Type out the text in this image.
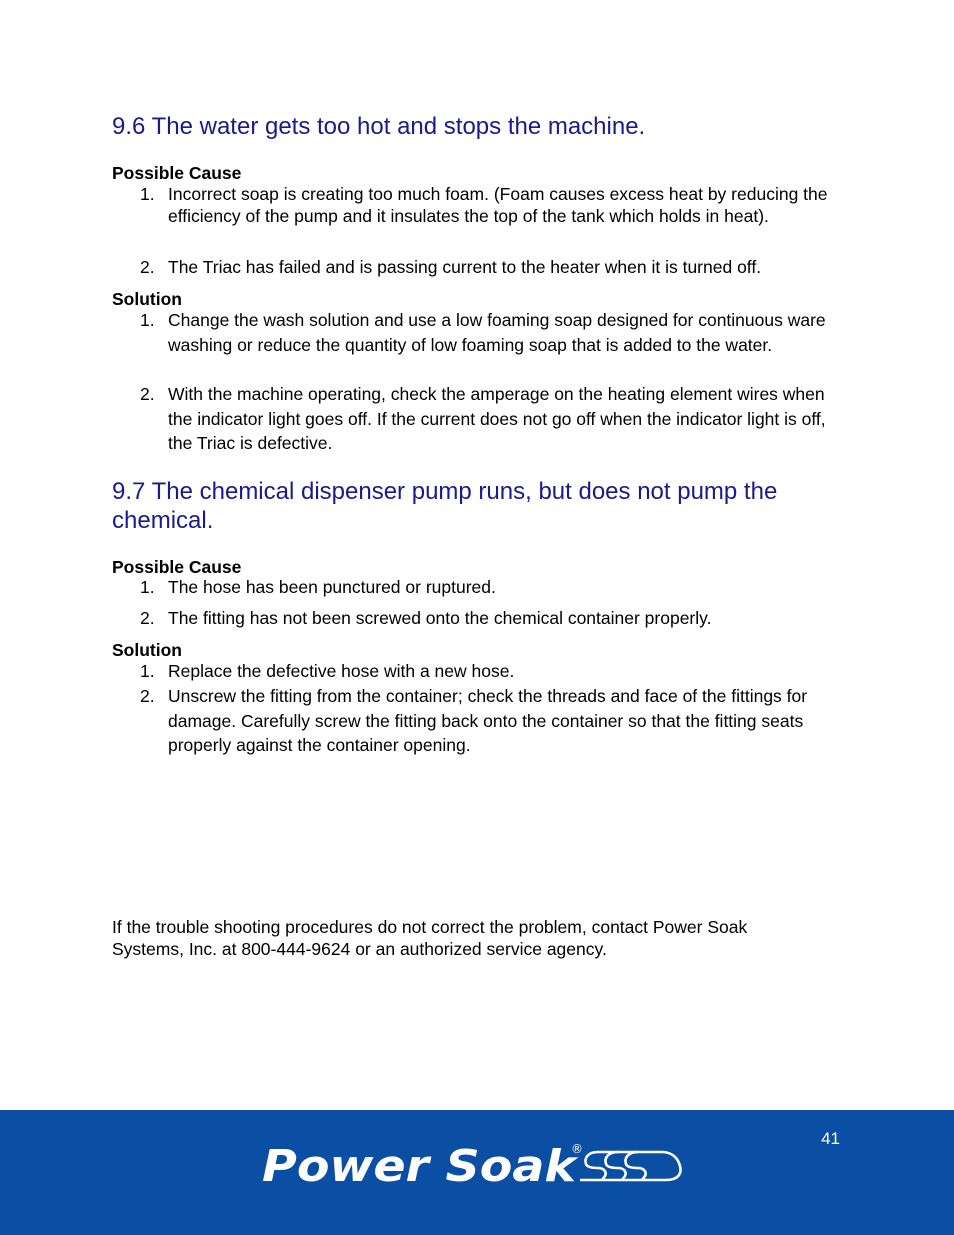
9.6 The water gets too hot and stops the machine.
Possible Cause
1. Incorrect soap is creating too much foam. (Foam causes excess heat by reducing the efficiency of the pump and it insulates the top of the tank which holds in heat).
2. The Triac has failed and is passing current to the heater when it is turned off.
Solution
1. Change the wash solution and use a low foaming soap designed for continuous ware washing or reduce the quantity of low foaming soap that is added to the water.
2. With the machine operating, check the amperage on the heating element wires when the indicator light goes off. If the current does not go off when the indicator light is off, the Triac is defective.
9.7 The chemical dispenser pump runs, but does not pump the chemical.
Possible Cause
1. The hose has been punctured or ruptured.
2. The fitting has not been screwed onto the chemical container properly.
Solution
1. Replace the defective hose with a new hose.
2. Unscrew the fitting from the container; check the threads and face of the fittings for damage. Carefully screw the fitting back onto the container so that the fitting seats properly against the container opening.
If the trouble shooting procedures do not correct the problem, contact Power Soak Systems, Inc. at 800-444-9624 or an authorized service agency.
41
Power Soak
®
